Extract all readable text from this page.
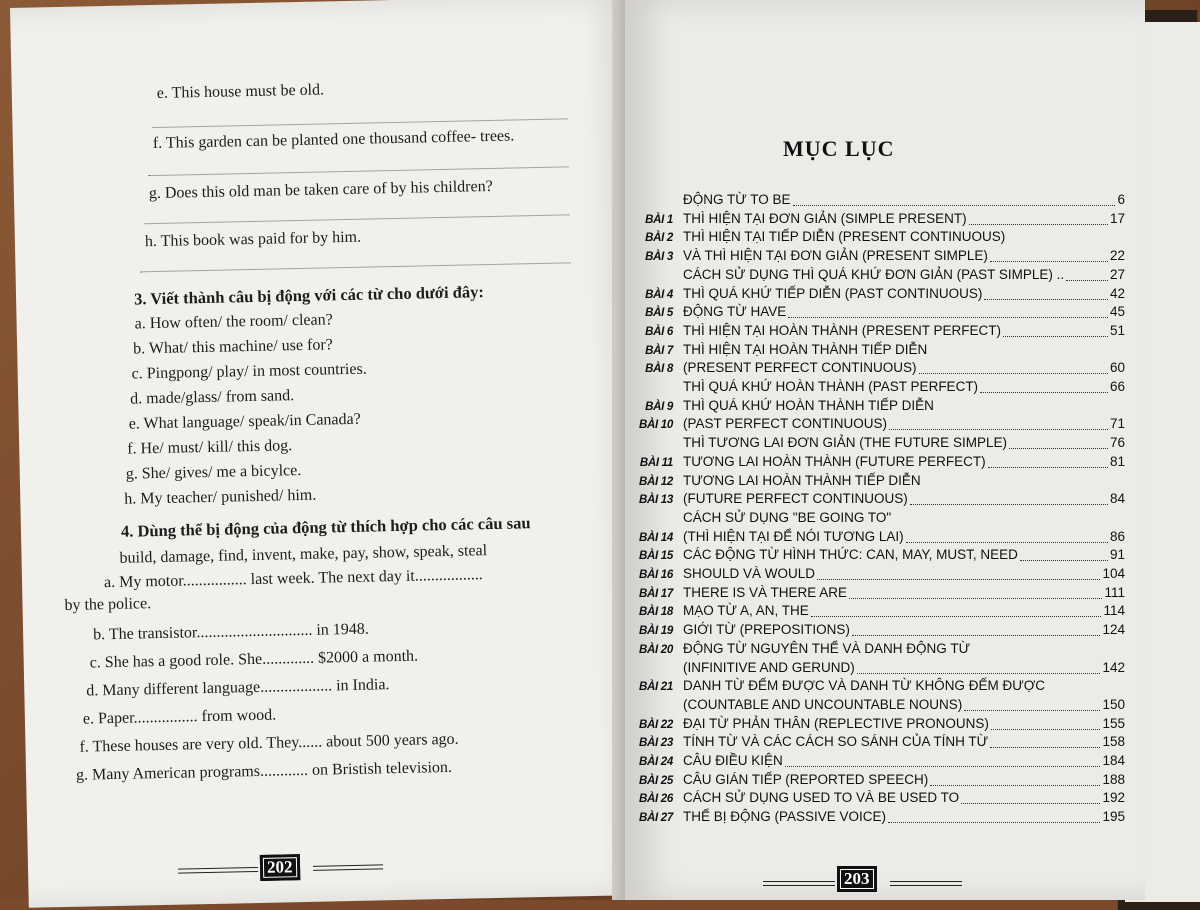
e. This house must be old.
f. This garden can be planted one thousand coffee- trees.
g. Does this old man be taken care of by his children?
h. This book was paid for by him.
3. Viết thành câu bị động với các từ cho dưới đây:
a. How often/ the room/ clean?
b. What/ this machine/ use for?
c. Pingpong/ play/ in most countries.
d. made/glass/ from sand.
e. What language/ speak/in Canada?
f. He/ must/ kill/ this dog.
g. She/ gives/ me a bicylce.
h. My teacher/ punished/ him.
4. Dùng thể bị động của động từ thích hợp cho các câu sau
build, damage, find, invent, make, pay, show, speak, steal
a. My motor................ last week. The next day it.................
by the police.
b. The transistor............................. in 1948.
c. She has a good role. She............. $2000 a month.
d. Many different language.................. in India.
e. Paper................ from wood.
f. These houses are very old. They...... about 500 years ago.
g. Many American programs............ on Bristish television.
202
MỤC LỤC
ĐỘNG TỪ TO BE	6
BÀI 1 THÌ HIỆN TẠI ĐƠN GIẢN (SIMPLE PRESENT)	17
BÀI 2 THÌ HIỆN TẠI TIẾP DIỄN (PRESENT CONTINUOUS)
BÀI 3 VÀ THÌ HIỆN TẠI ĐƠN GIẢN (PRESENT SIMPLE)	22
CÁCH SỬ DỤNG THÌ QUÁ KHỨ ĐƠN GIẢN (PAST SIMPLE) ..	27
BÀI 4 THÌ QUÁ KHỨ TIẾP DIỄN (PAST CONTINUOUS)	42
BÀI 5 ĐỘNG TỪ HAVE	45
BÀI 6 THÌ HIỆN TẠI HOÀN THÀNH (PRESENT PERFECT)	51
BÀI 7 THÌ HIỆN TẠI HOÀN THÀNH TIẾP DIỄN
BÀI 8 (PRESENT PERFECT CONTINUOUS)	60
THÌ QUÁ KHỨ HOÀN THÀNH (PAST PERFECT)	66
BÀI 9 THÌ QUÁ KHỨ HOÀN THÀNH TIẾP DIỄN
BÀI 10 (PAST PERFECT CONTINUOUS)	71
THÌ TƯƠNG LAI ĐƠN GIẢN (THE FUTURE SIMPLE)	76
BÀI 11 TƯƠNG LAI HOÀN THÀNH (FUTURE PERFECT)	81
BÀI 12 TƯƠNG LAI HOÀN THÀNH TIẾP DIỄN
BÀI 13 (FUTURE PERFECT CONTINUOUS)	84
CÁCH SỬ DỤNG "BE GOING TO"
BÀI 14 (THÌ HIỆN TẠI ĐỂ NÓI TƯƠNG LAI)	86
BÀI 15 CÁC ĐỘNG TỪ HÌNH THỨC: CAN, MAY, MUST, NEED	91
BÀI 16 SHOULD VÀ WOULD	104
BÀI 17 THERE IS VÀ THERE ARE	111
BÀI 18 MẠO TỪ A, AN, THE	114
BÀI 19 GIỚI TỪ (PREPOSITIONS)	124
BÀI 20 ĐỘNG TỪ NGUYÊN THỂ VÀ DANH ĐỘNG TỪ
(INFINITIVE AND GERUND)	142
BÀI 21 DANH TỪ ĐẾM ĐƯỢC VÀ DANH TỪ KHÔNG ĐẾM ĐƯỢC
(COUNTABLE AND UNCOUNTABLE NOUNS)	150
BÀI 22 ĐẠI TỪ PHẢN THÂN (REPLECTIVE PRONOUNS)	155
BÀI 23 TÍNH TỪ VÀ CÁC CÁCH SO SÁNH CỦA TÍNH TỪ	158
BÀI 24 CÂU ĐIỀU KIỆN	184
BÀI 25 CÂU GIÁN TIẾP (REPORTED SPEECH)	188
BÀI 26 CÁCH SỬ DỤNG USED TO VÀ BE USED TO	192
BÀI 27 THỂ BỊ ĐỘNG (PASSIVE VOICE)	195
203
